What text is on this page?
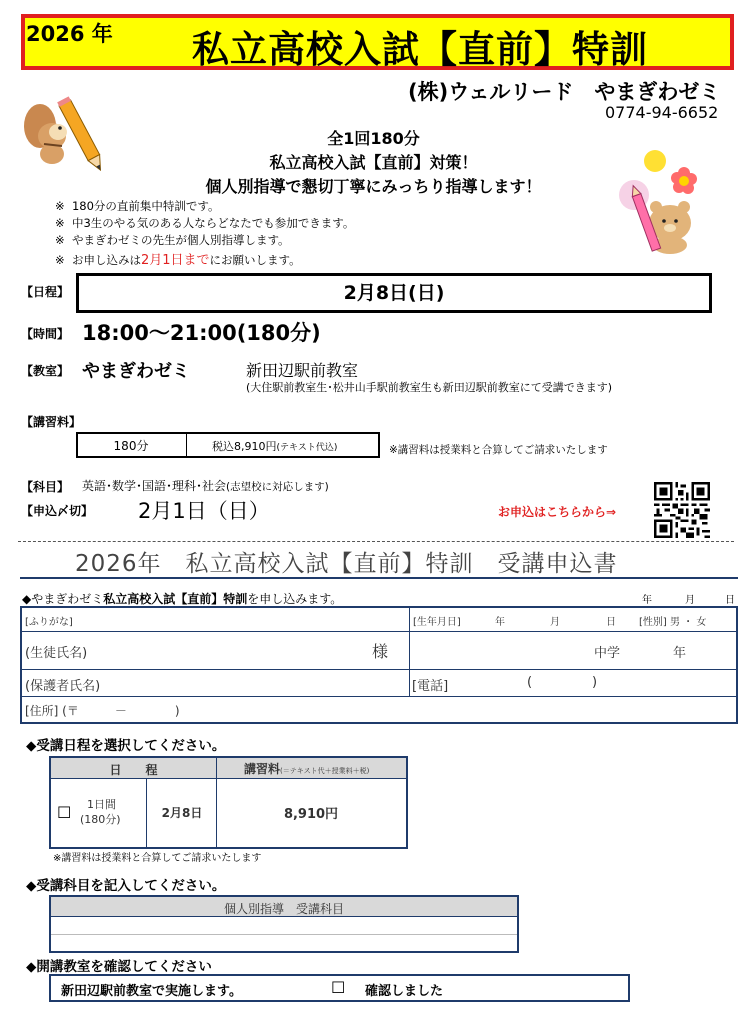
2026 年 私立高校入試【直前】特訓
(株)ウェルリード　やまぎわゼミ
0774-94-6652
全1回180分
私立高校入試【直前】対策！
個人別指導で懇切丁寧にみっちり指導します！
※ 180分の直前集中特訓です。
※ 中3生のやる気のある人ならどなたでも参加できます。
※ やまぎわゼミの先生が個人別指導します。
※ お申し込みは2月1日までにお願いします。
【日程】	2月8日(日)
【時間】 18:00～21:00(180分)
【教室】 やまぎわゼミ	新田辺駅前教室
(大住駅前教室生･松井山手駅前教室生も新田辺駅前教室にて受講できます)
【講習料】
180分	税込8,910円(テキスト代込)	※講習料は授業料と合算してご請求いたします
【科目】 英語･数学･国語･理科･社会(志望校に対応します)
【申込〆切】 2月1日（日）	お申込はこちらから⇒
2026年　私立高校入試【直前】特訓　受講申込書
◆やまぎわゼミ私立高校入試【直前】特訓を申し込みます。	年	月	日
[ふりがな]	[生年月日]	年	月	日 [性別] 男 ・ 女
(生徒氏名)	様	中学	年
(保護者氏名)	[電話]	(	)
[住所] (〒　　　－　　　　)
◆受講日程を選択してください。
日　　程	講習料(＝テキスト代＋授業料＋税)
☐ 1日間
(180分)	2月8日	8,910円
※講習料は授業料と合算してご請求いたします
◆受講科目を記入してください。
個人別指導　受講科目
◆開講教室を確認してください
新田辺駅前教室で実施します。	☐ 確認しました
